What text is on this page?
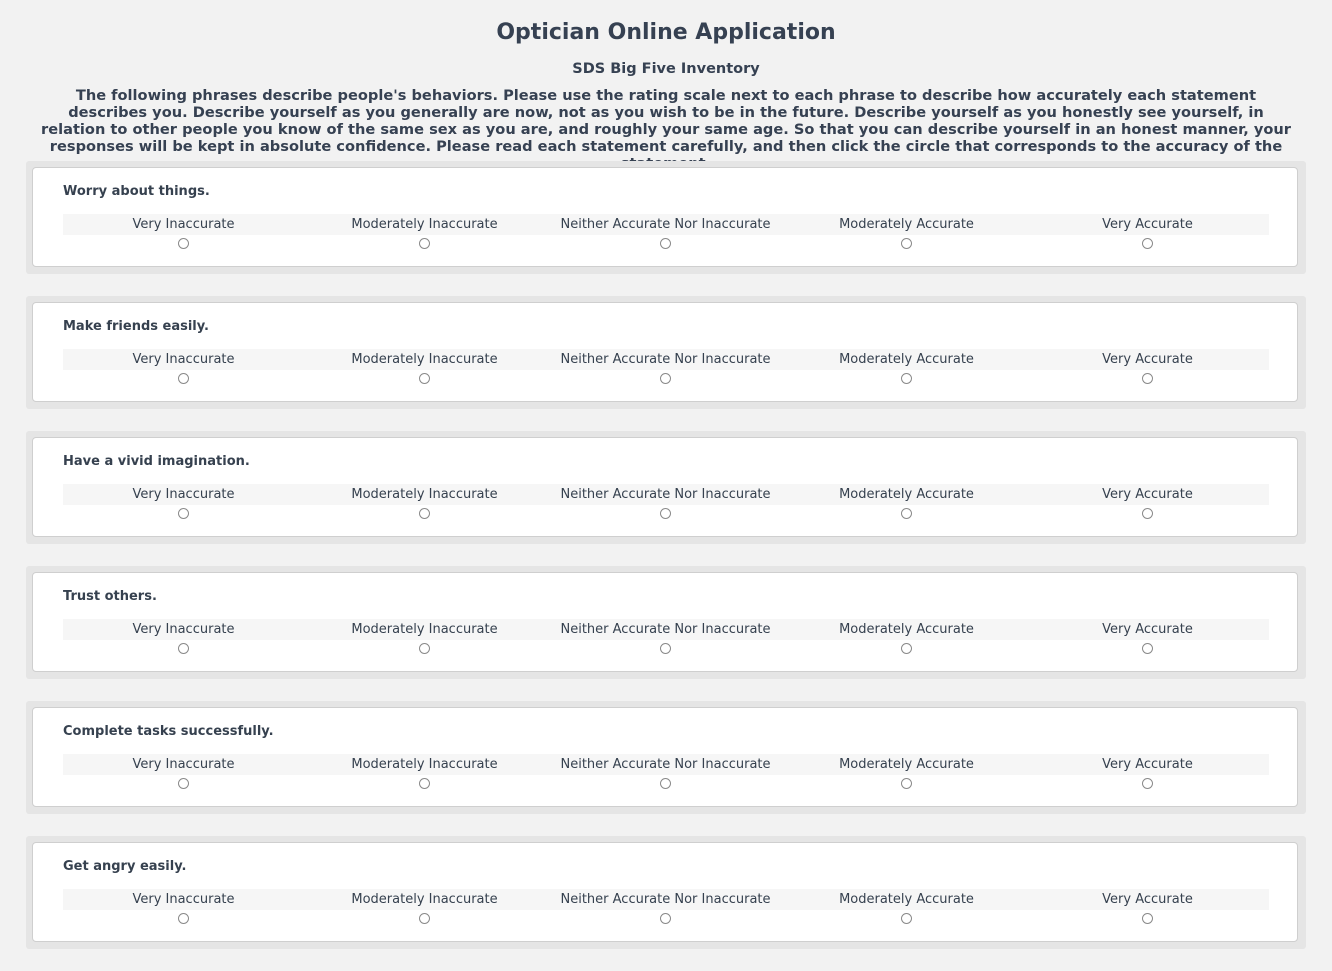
Optician Online Application
SDS Big Five Inventory
The following phrases describe people's behaviors. Please use the rating scale next to each phrase to describe how accurately each statement describes you. Describe yourself as you generally are now, not as you wish to be in the future. Describe yourself as you honestly see yourself, in relation to other people you know of the same sex as you are, and roughly your same age. So that you can describe yourself in an honest manner, your responses will be kept in absolute confidence. Please read each statement carefully, and then click the circle that corresponds to the accuracy of the
Worry about things.
Very Inaccurate	Moderately Inaccurate	Neither Accurate Nor Inaccurate	Moderately Accurate	Very Accurate
Make friends easily.
Very Inaccurate	Moderately Inaccurate	Neither Accurate Nor Inaccurate	Moderately Accurate	Very Accurate
Have a vivid imagination.
Very Inaccurate	Moderately Inaccurate	Neither Accurate Nor Inaccurate	Moderately Accurate	Very Accurate
Trust others.
Very Inaccurate	Moderately Inaccurate	Neither Accurate Nor Inaccurate	Moderately Accurate	Very Accurate
Complete tasks successfully.
Very Inaccurate	Moderately Inaccurate	Neither Accurate Nor Inaccurate	Moderately Accurate	Very Accurate
Get angry easily.
Very Inaccurate	Moderately Inaccurate	Neither Accurate Nor Inaccurate	Moderately Accurate	Very Accurate
